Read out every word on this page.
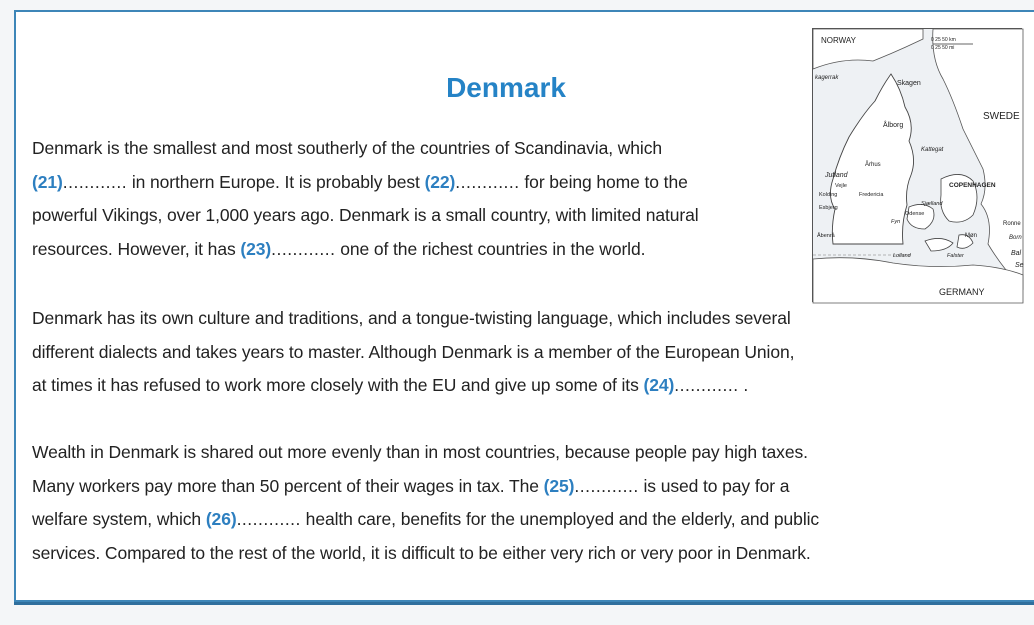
Denmark

Denmark is the smallest and most southerly of the countries of Scandinavia, which
(21)............ in northern Europe. It is probably best (22)............ for being home to the
powerful Vikings, over 1,000 years ago. Denmark is a small country, with limited natural
resources. However, it has (23)............ one of the richest countries in the world.

Denmark has its own culture and traditions, and a tongue-twisting language, which includes several
different dialects and takes years to master. Although Denmark is a member of the European Union,
at times it has refused to work more closely with the EU and give up some of its (24)............ .

Wealth in Denmark is shared out more evenly than in most countries, because people pay high taxes.
Many workers pay more than 50 percent of their wages in tax. The (25)............ is used to pay for a
welfare system, which (26)............ health care, benefits for the unemployed and the elderly, and public
services. Compared to the rest of the world, it is difficult to be either very rich or very poor in Denmark.

NORWAY	0 25 50 km
0 25 50 mi
kagerrak
Skagen
SWEDE
Ålborg
Kattegat
Århus
Jutland
Vejle
Kolding	Fredericia
Esbjerg
Sjælland
Odense
COPENHAGEN
Fyn
Åbenrå	Møn
Ronne
Born
Lolland	Falster	Bal
Se
GERMANY
